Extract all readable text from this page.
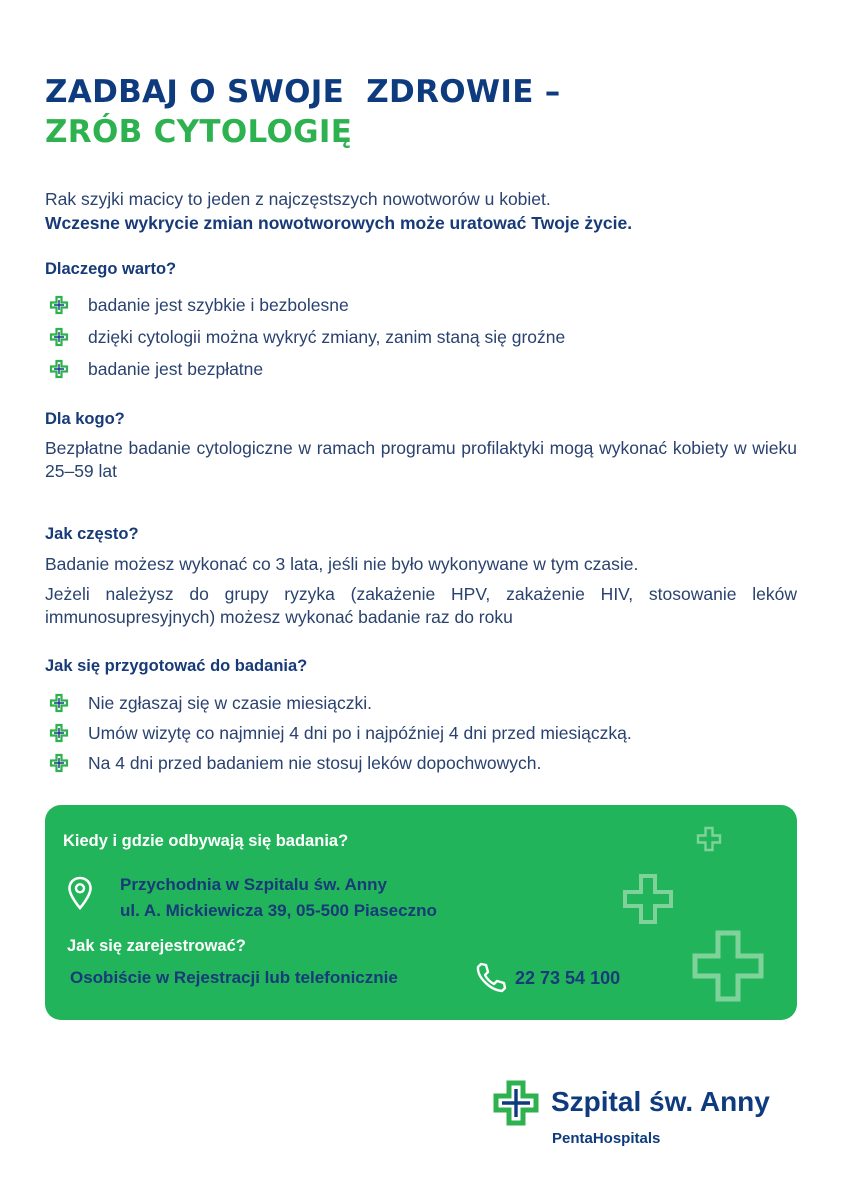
ZADBAJ O SWOJE  ZDROWIE –
ZRÓB CYTOLOGIĘ

Rak szyjki macicy to jeden z najczęstszych nowotworów u kobiet.
Wczesne wykrycie zmian nowotworowych może uratować Twoje życie.

Dlaczego warto?
badanie jest szybkie i bezbolesne
dzięki cytologii można wykryć zmiany, zanim staną się groźne
badanie jest bezpłatne
Dla kogo?

Bezpłatne badanie cytologiczne w ramach programu profilaktyki mogą wykonać kobiety w wieku 25–59 lat

Jak często?

Badanie możesz wykonać co 3 lata, jeśli nie było wykonywane w tym czasie.

Jeżeli należysz do grupy ryzyka (zakażenie HPV, zakażenie HIV, stosowanie leków immunosupresyjnych) możesz wykonać badanie raz do roku

Jak się przygotować do badania?
Nie zgłaszaj się w czasie miesiączki.
Umów wizytę co najmniej 4 dni po i najpóźniej 4 dni przed miesiączką.
Na 4 dni przed badaniem nie stosuj leków dopochwowych.
Kiedy i gdzie odbywają się badania?
Przychodnia w Szpitalu św. Anny
ul. A. Mickiewicza 39, 05-500 Piaseczno
Jak się zarejestrować?
Osobiście w Rejestracji lub telefonicznie	22 73 54 100
Szpital św. Anny
PentaHospitals
